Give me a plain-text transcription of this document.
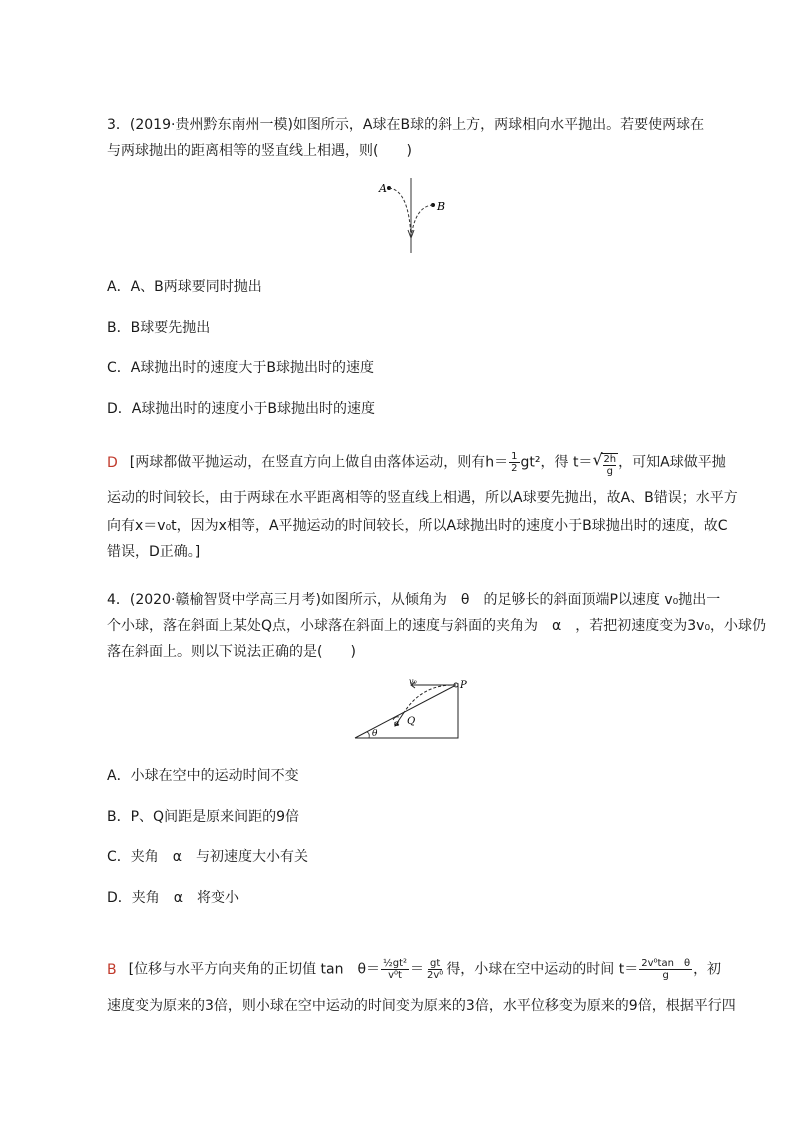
3．(2019·贵州黔东南州一模)如图所示，A球在B球的斜上方，两球相向水平抛出。若要使两球在
与两球抛出的距离相等的竖直线上相遇，则(　　)
A
B
A．A、B两球要同时抛出
B．B球要先抛出
C．A球抛出时的速度大于B球抛出时的速度
D．A球抛出时的速度小于B球抛出时的速度
D [两球都做平抛运动，在竖直方向上做自由落体运动，则有$h= \frac{1}{2} gt^2$，得 t＝ √
$\frac{2h}{g}$ ，可知A球做平抛
运动的时间较长，由于两球在水平距离相等的竖直线上相遇，所以A球要先抛出，故A、B错误；水平方
向有x＝v₀t，因为x相等，A平抛运动的时间较长，所以A球抛出时的速度小于B球抛出时的速度，故C
错误，D正确。]
4．(2020·赣榆智贤中学高三月考)如图所示，从倾角为　θ　的足够长的斜面顶端P以速度 v₀抛出一
个小球，落在斜面上某处Q点，小球落在斜面上的速度与斜面的夹角为　α　，若把初速度变为3v₀，小球仍
落在斜面上。则以下说法正确的是(　　)
v₀	P
Q
α
θ
A．小球在空中的运动时间不变
B．P、Q间距是原来间距的9倍
C．夹角　α　与初速度大小有关
D．夹角　α　将变小
B [位移与水平方向夹角的正切值 tan　$\theta= \frac{\text{½gt²}}{\text{v⁰t}} = \frac{gt}{\text{2v⁰}}$ 得，小球在空中运动的时间 $t= \frac{\text{2v⁰tan　θ}}{g}$ ，初
速度变为原来的3倍，则小球在空中运动的时间变为原来的3倍，水平位移变为原来的9倍，根据平行四
